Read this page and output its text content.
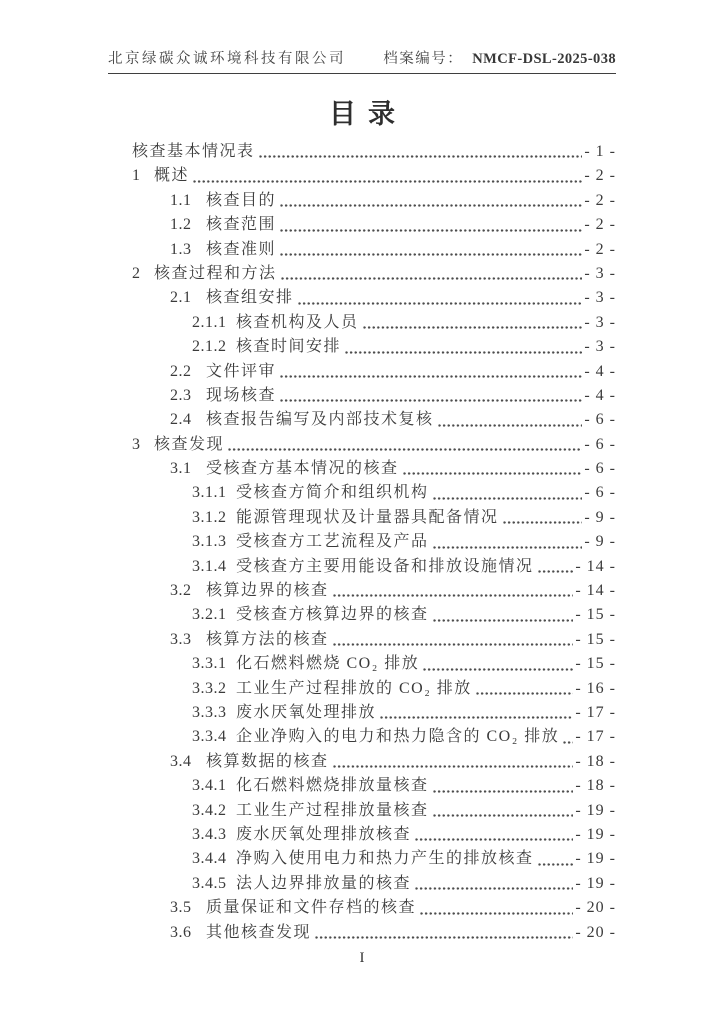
北京绿碳众诚环境科技有限公司	档案编号： NMCF-DSL-2025-038
目录
核查基本情况表	- 1 -
1 概述	- 2 -
1.1 核查目的	- 2 -
1.2 核查范围	- 2 -
1.3 核查准则	- 2 -
2 核查过程和方法	- 3 -
2.1 核查组安排	- 3 -
2.1.1 核查机构及人员	- 3 -
2.1.2 核查时间安排	- 3 -
2.2 文件评审	- 4 -
2.3 现场核查	- 4 -
2.4 核查报告编写及内部技术复核	- 6 -
3 核查发现	- 6 -
3.1 受核查方基本情况的核查	- 6 -
3.1.1 受核查方简介和组织机构	- 6 -
3.1.2 能源管理现状及计量器具配备情况	- 9 -
3.1.3 受核查方工艺流程及产品	- 9 -
3.1.4 受核查方主要用能设备和排放设施情况	- 14 -
3.2 核算边界的核查	- 14 -
3.2.1 受核查方核算边界的核查	- 15 -
3.3 核算方法的核查	- 15 -
3.3.1 化石燃料燃烧 CO₂ 排放	- 15 -
3.3.2 工业生产过程排放的 CO₂ 排放	- 16 -
3.3.3 废水厌氧处理排放	- 17 -
3.3.4 企业净购入的电力和热力隐含的 CO₂ 排放 - 17 -
3.4 核算数据的核查	- 18 -
3.4.1 化石燃料燃烧排放量核查	- 18 -
3.4.2 工业生产过程排放量核查	- 19 -
3.4.3 废水厌氧处理排放核查	- 19 -
3.4.4 净购入使用电力和热力产生的排放核查	- 19 -
3.4.5 法人边界排放量的核查	- 19 -
3.5 质量保证和文件存档的核查	- 20 -
3.6 其他核查发现	- 20 -
I
